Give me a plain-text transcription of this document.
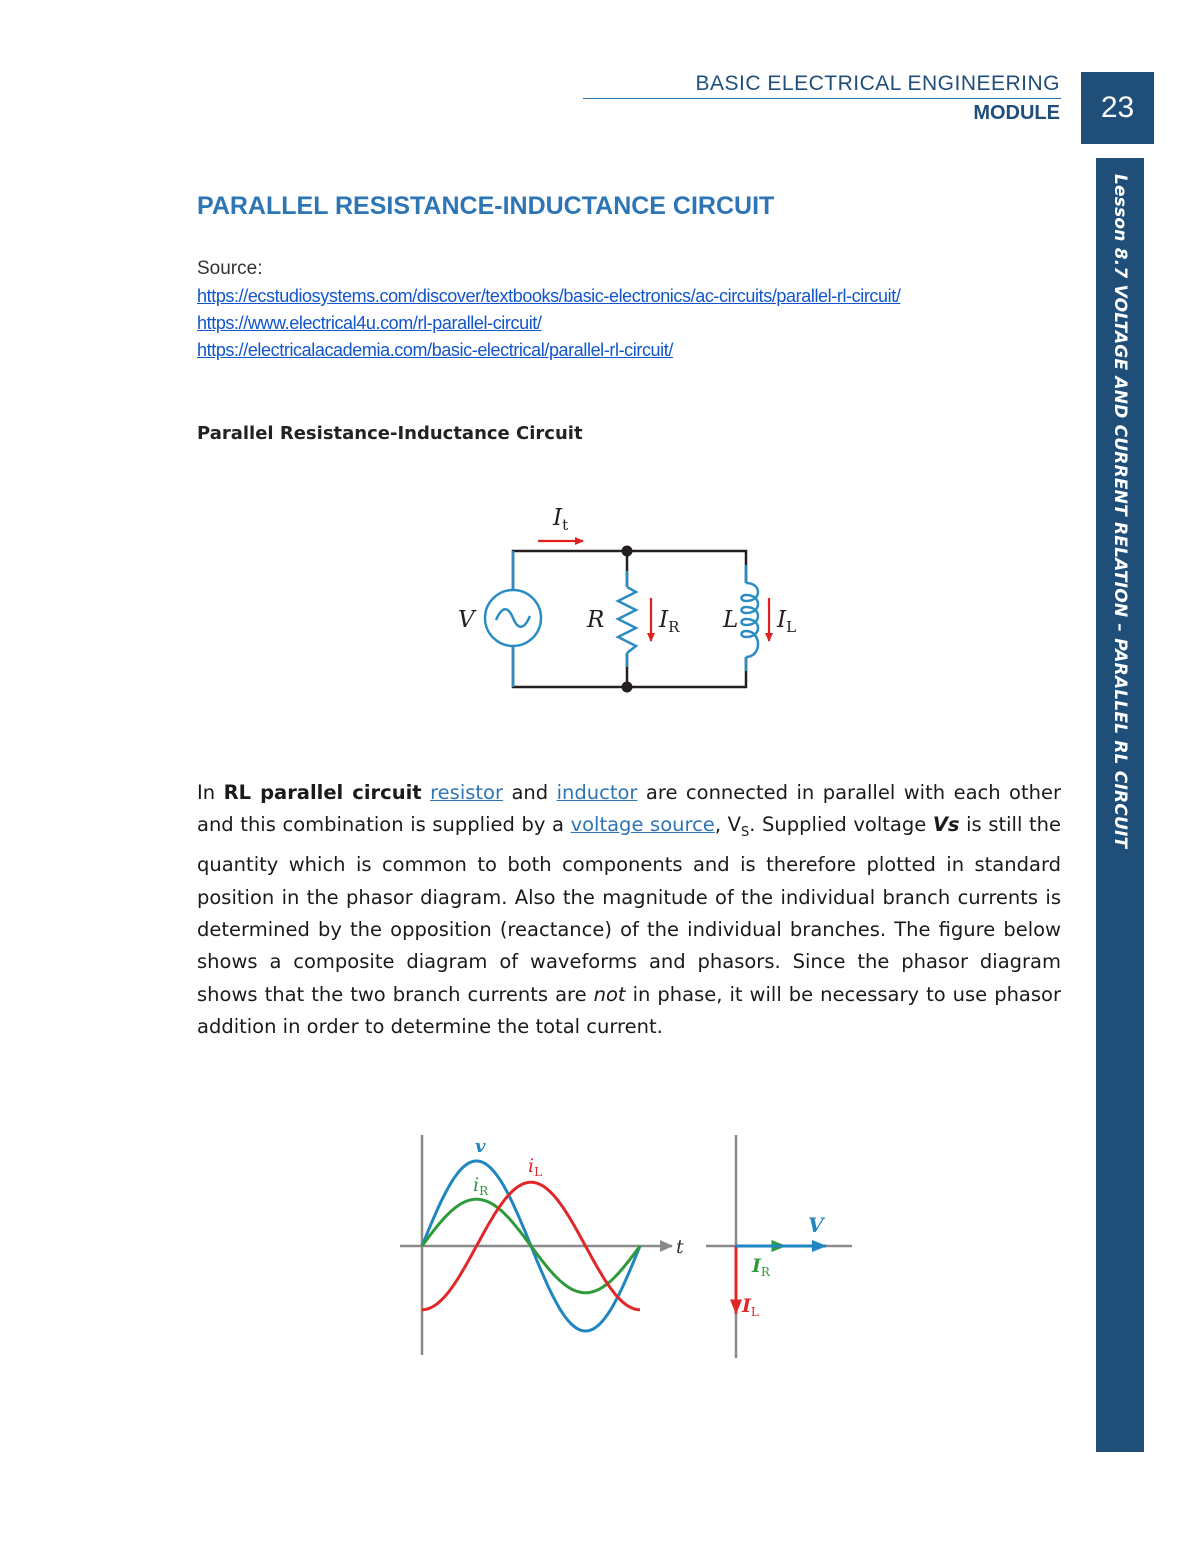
BASIC ELECTRICAL ENGINEERING
MODULE 23
Lesson 8.7 VOLTAGE AND CURRENT RELATION – PARALLEL RL CIRCUIT
PARALLEL RESISTANCE-INDUCTANCE CIRCUIT
Source:
https://ecstudiosystems.com/discover/textbooks/basic-electronics/ac-circuits/parallel-rl-circuit/
https://www.electrical4u.com/rl-parallel-circuit/
https://electricalacademia.com/basic-electrical/parallel-rl-circuit/
Parallel Resistance-Inductance Circuit
$I_t$
V	R $I_R$ L $I_L$
In RL parallel circuit resistor and inductor are connected in parallel with each other and this combination is supplied by a voltage source, $V_S$. Supplied voltage Vs is still the quantity which is common to both components and is therefore plotted in standard position in the phasor diagram. Also the magnitude of the individual branch currents is determined by the opposition (reactance) of the individual branches. The figure below shows a composite diagram of waveforms and phasors. Since the phasor diagram shows that the two branch currents are not in phase, it will be necessary to use phasor addition in order to determine the total current.
v
$i_L$
$i_R$
t
V
$I_R$
$I_L$
